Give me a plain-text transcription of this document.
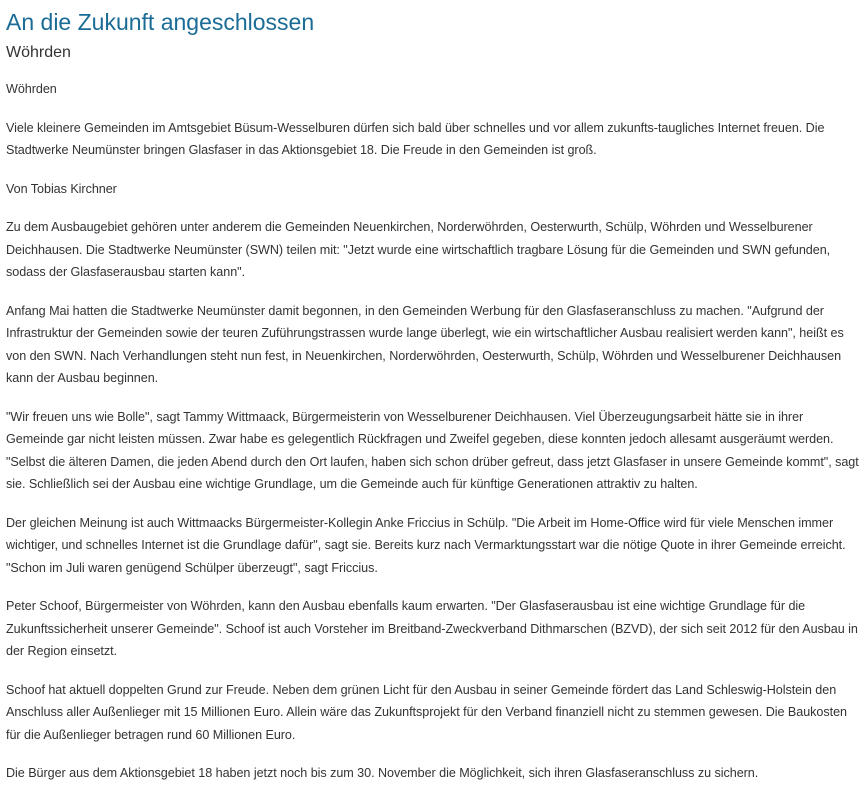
An die Zukunft angeschlossen
Wöhrden

Wöhrden

Viele kleinere Gemeinden im Amtsgebiet Büsum-Wesselburen dürfen sich bald über schnelles und vor allem zukunfts-taugliches Internet freuen. Die Stadtwerke Neumünster bringen Glasfaser in das Aktionsgebiet 18. Die Freude in den Gemeinden ist groß.

Von Tobias Kirchner

Zu dem Ausbaugebiet gehören unter anderem die Gemeinden Neuenkirchen, Norderwöhrden, Oesterwurth, Schülp, Wöhrden und Wesselburener Deichhausen. Die Stadtwerke Neumünster (SWN) teilen mit: "Jetzt wurde eine wirtschaftlich tragbare Lösung für die Gemeinden und SWN gefunden, sodass der Glasfaserausbau starten kann".

Anfang Mai hatten die Stadtwerke Neumünster damit begonnen, in den Gemeinden Werbung für den Glasfaseranschluss zu machen. "Aufgrund der Infrastruktur der Gemeinden sowie der teuren Zuführungstrassen wurde lange überlegt, wie ein wirtschaftlicher Ausbau realisiert werden kann", heißt es von den SWN. Nach Verhandlungen steht nun fest, in Neuenkirchen, Norderwöhrden, Oesterwurth, Schülp, Wöhrden und Wesselburener Deichhausen kann der Ausbau beginnen.

"Wir freuen uns wie Bolle", sagt Tammy Wittmaack, Bürgermeisterin von Wesselburener Deichhausen. Viel Überzeugungsarbeit hätte sie in ihrer Gemeinde gar nicht leisten müssen. Zwar habe es gelegentlich Rückfragen und Zweifel gegeben, diese konnten jedoch allesamt ausgeräumt werden. "Selbst die älteren Damen, die jeden Abend durch den Ort laufen, haben sich schon drüber gefreut, dass jetzt Glasfaser in unsere Gemeinde kommt", sagt sie. Schließlich sei der Ausbau eine wichtige Grundlage, um die Gemeinde auch für künftige Generationen attraktiv zu halten.

Der gleichen Meinung ist auch Wittmaacks Bürgermeister-Kollegin Anke Friccius in Schülp. "Die Arbeit im Home-Office wird für viele Menschen immer wichtiger, und schnelles Internet ist die Grundlage dafür", sagt sie. Bereits kurz nach Vermarktungsstart war die nötige Quote in ihrer Gemeinde erreicht. "Schon im Juli waren genügend Schülper überzeugt", sagt Friccius.

Peter Schoof, Bürgermeister von Wöhrden, kann den Ausbau ebenfalls kaum erwarten. "Der Glasfaserausbau ist eine wichtige Grundlage für die Zukunftssicherheit unserer Gemeinde". Schoof ist auch Vorsteher im Breitband-Zweckverband Dithmarschen (BZVD), der sich seit 2012 für den Ausbau in der Region einsetzt.

Schoof hat aktuell doppelten Grund zur Freude. Neben dem grünen Licht für den Ausbau in seiner Gemeinde fördert das Land Schleswig-Holstein den Anschluss aller Außenlieger mit 15 Millionen Euro. Allein wäre das Zukunftsprojekt für den Verband finanziell nicht zu stemmen gewesen. Die Baukosten für die Außenlieger betragen rund 60 Millionen Euro.

Die Bürger aus dem Aktionsgebiet 18 haben jetzt noch bis zum 30. November die Möglichkeit, sich ihren Glasfaseranschluss zu sichern.
